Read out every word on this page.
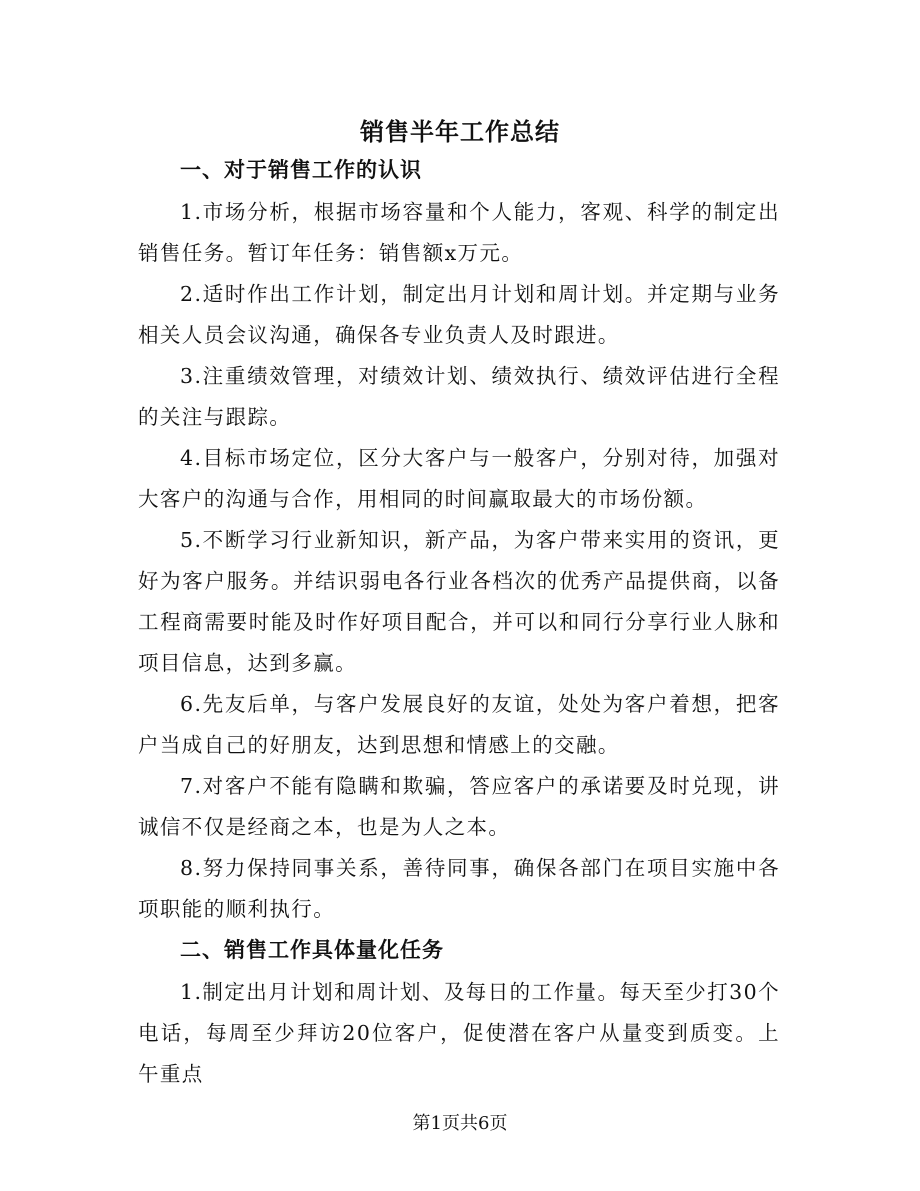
销售半年工作总结
一、对于销售工作的认识

1.市场分析，根据市场容量和个人能力，客观、科学的制定出销售任务。暂订年任务：销售额x万元。

2.适时作出工作计划，制定出月计划和周计划。并定期与业务相关人员会议沟通，确保各专业负责人及时跟进。

3.注重绩效管理，对绩效计划、绩效执行、绩效评估进行全程的关注与跟踪。

4.目标市场定位，区分大客户与一般客户，分别对待，加强对大客户的沟通与合作，用相同的时间赢取最大的市场份额。

5.不断学习行业新知识，新产品，为客户带来实用的资讯，更好为客户服务。并结识弱电各行业各档次的优秀产品提供商，以备工程商需要时能及时作好项目配合，并可以和同行分享行业人脉和项目信息，达到多赢。

6.先友后单，与客户发展良好的友谊，处处为客户着想，把客户当成自己的好朋友，达到思想和情感上的交融。

7.对客户不能有隐瞒和欺骗，答应客户的承诺要及时兑现，讲诚信不仅是经商之本，也是为人之本。

8.努力保持同事关系，善待同事，确保各部门在项目实施中各项职能的顺利执行。

二、销售工作具体量化任务

1.制定出月计划和周计划、及每日的工作量。每天至少打30个电话，每周至少拜访20位客户，促使潜在客户从量变到质变。上午重点

第1页共6页
